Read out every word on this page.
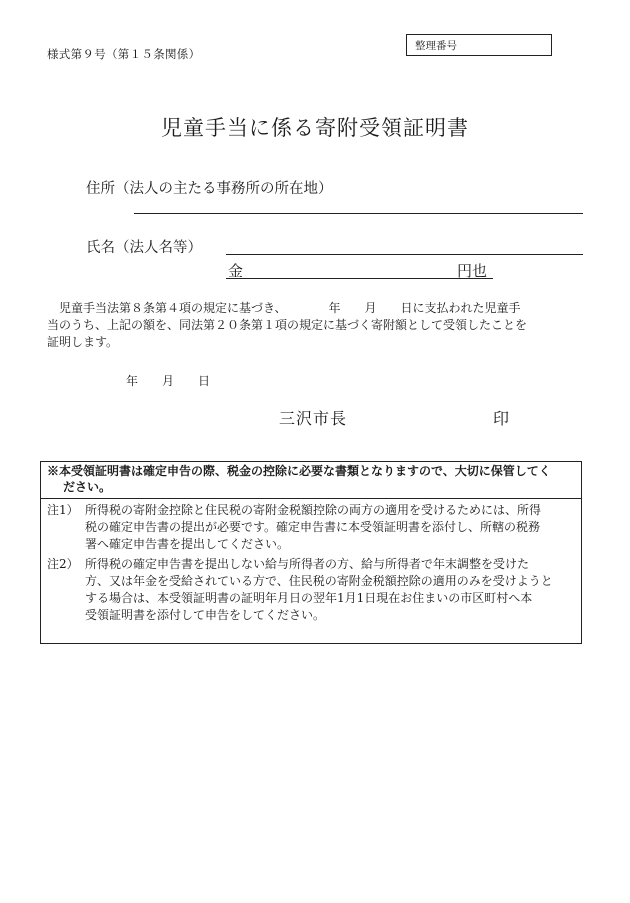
様式第９号（第１５条関係）
整理番号
児童手当に係る寄附受領証明書
住所（法人の主たる事務所の所在地）
氏名（法人名等）
金	円也

児童手当法第８条第４項の規定に基づき、　　　　年　　月　　日に支払われた児童手

当のうち、上記の額を、同法第２０条第１項の規定に基づく寄附額として受領したことを

証明します。

年 月 日
三沢市長	印
※本受領証明書は確定申告の際、税金の控除に必要な書類となりますので、大切に保管してく
ださい。
注1） 所得税の寄附金控除と住民税の寄附金税額控除の両方の適用を受けるためには、所得

税の確定申告書の提出が必要です。確定申告書に本受領証明書を添付し、所轄の税務

署へ確定申告書を提出してください。

注2） 所得税の確定申告書を提出しない給与所得者の方、給与所得者で年末調整を受けた

方、又は年金を受給されている方で、住民税の寄附金税額控除の適用のみを受けようと

する場合は、本受領証明書の証明年月日の翌年1月1日現在お住まいの市区町村へ本

受領証明書を添付して申告をしてください。
